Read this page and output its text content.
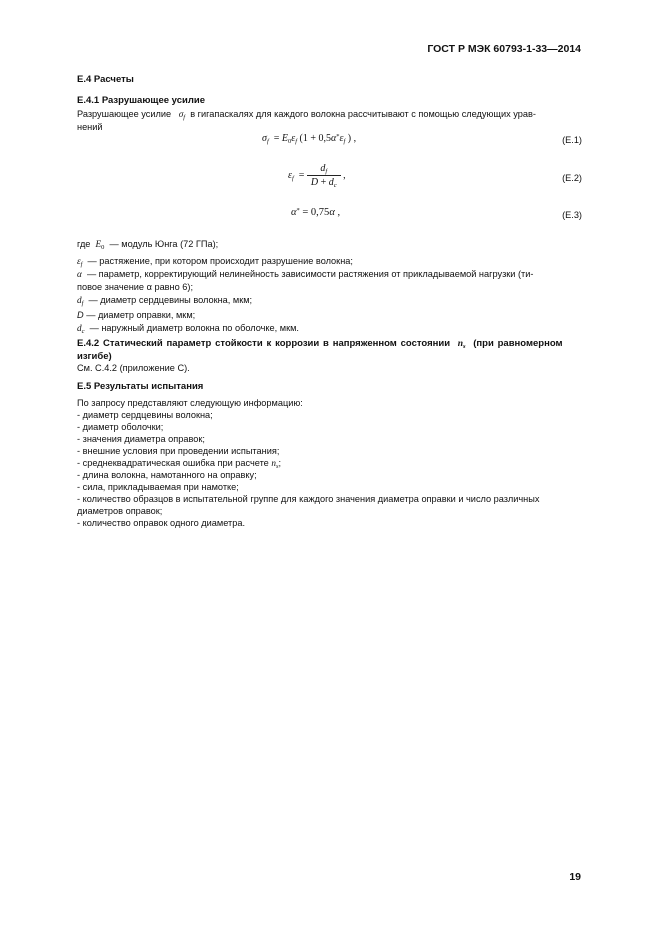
ГОСТ Р МЭК 60793-1-33—2014
Е.4 Расчеты
Е.4.1 Разрушающее усилие
Разрушающее усилие $\sigma_f$ в гигапаскалях для каждого волокна рассчитывают с помощью следующих урав-
нений
$\sigma_f = E_0\varepsilon_f$ ($1 + 0,5\alpha^*\varepsilon_f$ ) ,	(Е.1)
$\varepsilon_f = \frac{d_f}{D + d_c}$ ,	(Е.2)
α* = 0,75α ,	(Е.3)
где $E_0$ — модуль Юнга (72 ГПа);
$\varepsilon_f$ — растяжение, при котором происходит разрушение волокна;
α — параметр, корректирующий нелинейность зависимости растяжения от прикладываемой нагрузки (ти-
повое значение α равно 6);
$d_f$ — диаметр сердцевины волокна, мкм;
D — диаметр оправки, мкм;
$d_c$ — наружный диаметр волокна по оболочке, мкм.
Е.4.2 Статический параметр стойкости к коррозии в напряженном состоянии $n_s$ (при равномерном
изгибе)
См. С.4.2 (приложение С).
Е.5 Результаты испытания
По запросу представляют следующую информацию:
- диаметр сердцевины волокна;
- диаметр оболочки;
- значения диаметра оправок;
- внешние условия при проведении испытания;
- среднеквадратическая ошибка при расчете $n_s$;
- длина волокна, намотанного на оправку;
- сила, прикладываемая при намотке;
- количество образцов в испытательной группе для каждого значения диаметра оправки и число различных
диаметров оправок;
- количество оправок одного диаметра.
19
